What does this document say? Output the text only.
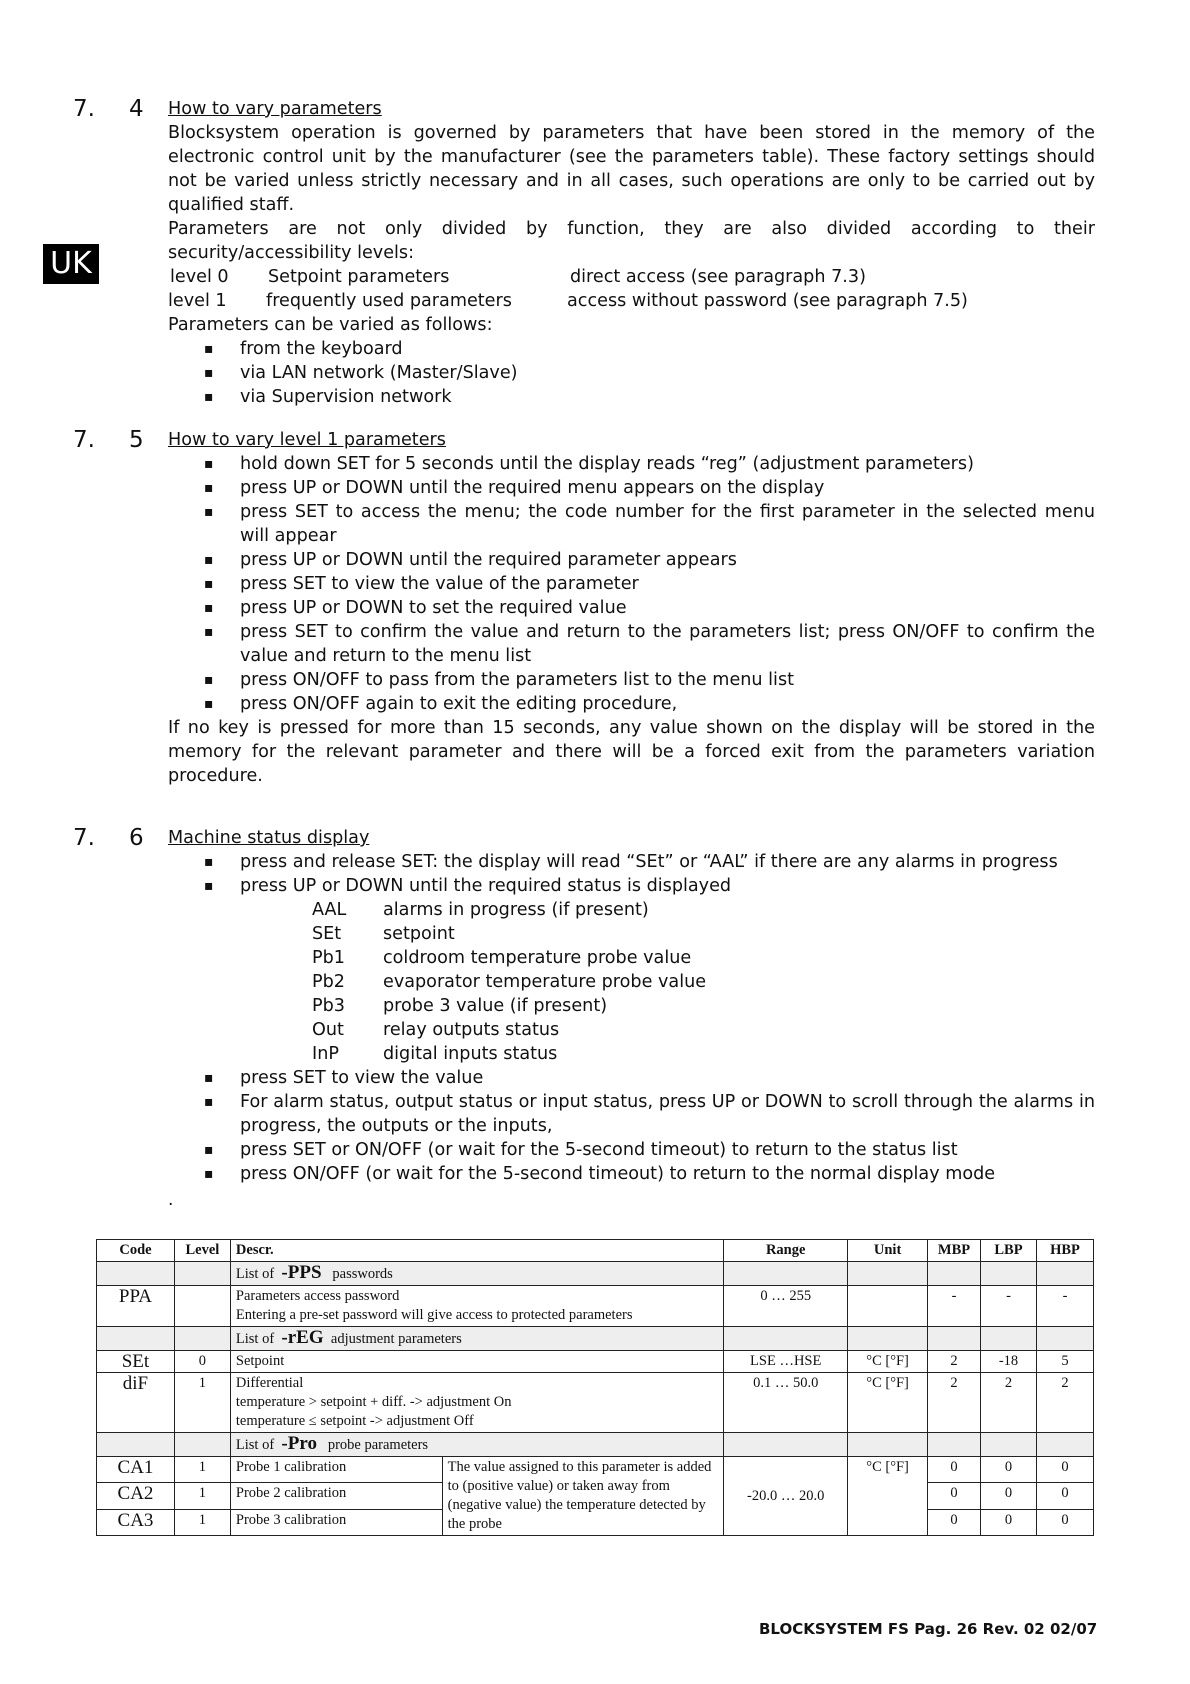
UK
7. 4 How to vary parameters
Blocksystem operation is governed by parameters that have been stored in the memory of the electronic control unit by the manufacturer (see the parameters table). These factory settings should not be varied unless strictly necessary and in all cases, such operations are only to be carried out by qualified staff.
Parameters are not only divided by function, they are also divided according to their security/accessibility levels:
level 0 Setpoint parameters	direct access (see paragraph 7.3)
level 1 frequently used parameters	access without password (see paragraph 7.5)
Parameters can be varied as follows:
▪ from the keyboard
▪ via LAN network (Master/Slave)
▪ via Supervision network
7. 5 How to vary level 1 parameters
▪ hold down SET for 5 seconds until the display reads “reg” (adjustment parameters)
▪ press UP or DOWN until the required menu appears on the display
▪ press SET to access the menu; the code number for the first parameter in the selected menu will appear
▪ press UP or DOWN until the required parameter appears
▪ press SET to view the value of the parameter
▪ press UP or DOWN to set the required value
▪ press SET to confirm the value and return to the parameters list; press ON/OFF to confirm the value and return to the menu list
▪ press ON/OFF to pass from the parameters list to the menu list
▪ press ON/OFF again to exit the editing procedure,
If no key is pressed for more than 15 seconds, any value shown on the display will be stored in the memory for the relevant parameter and there will be a forced exit from the parameters variation procedure.
7. 6 Machine status display
▪ press and release SET: the display will read “SEt” or “AAL” if there are any alarms in progress
▪ press UP or DOWN until the required status is displayed
AAL alarms in progress (if present)
SEt setpoint
Pb1 coldroom temperature probe value
Pb2 evaporator temperature probe value
Pb3 probe 3 value (if present)
Out relay outputs status
InP	digital inputs status
▪ press SET to view the value
▪ For alarm status, output status or input status, press UP or DOWN to scroll through the alarms in progress, the outputs or the inputs,
▪ press SET or ON/OFF (or wait for the 5-second timeout) to return to the status list
▪ press ON/OFF (or wait for the 5-second timeout) to return to the normal display mode
.
Code	Level	Descr.		Range	Unit	MBP	LBP	HBP
		List of -PPS passwords						
PPA		Parameters access password
Entering a pre-set password will give access to protected parameters		0 … 255		-	-	-
		List of -rEG adjustment parameters						
SEt	0	Setpoint		LSE …HSE	°C [°F]	2	-18	5
diF	1	Differential
temperature > setpoint + diff. -> adjustment On
temperature ≤ setpoint -> adjustment Off		0.1 … 50.0	°C [°F]	2	2	2
		List of -Pro probe parameters						
CA1	1	Probe 1 calibration	The value assigned to this parameter is added to (positive value) or taken away from (negative value) the temperature detected by the probe	-20.0 … 20.0	°C [°F]	0	0	0
CA2	1	Probe 2 calibration				0	0	0
CA3	1	Probe 3 calibration				0	0	0
BLOCKSYSTEM FS Pag. 26 Rev. 02 02/07
